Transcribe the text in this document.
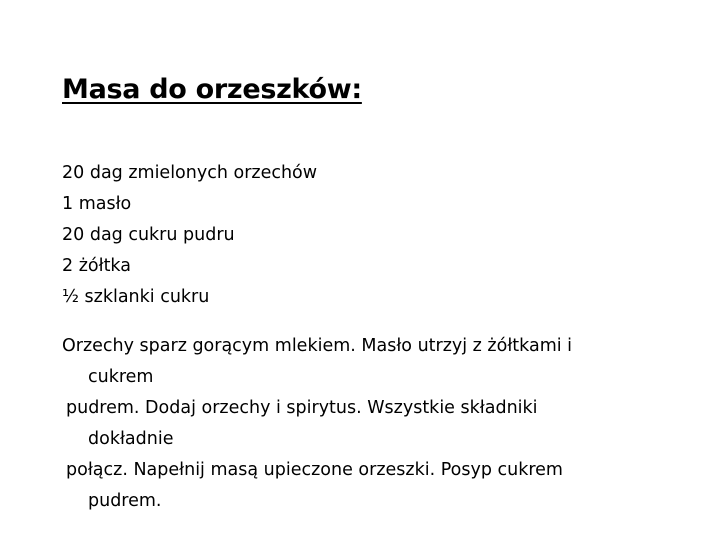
Masa do orzeszków:
20 dag zmielonych orzechów
1 masło
20 dag cukru pudru
2 żółtka
½ szklanki cukru

Orzechy sparz gorącym mlekiem. Masło utrzyj z żółtkami i
cukrem

pudrem. Dodaj orzechy i spirytus. Wszystkie składniki
dokładnie

połącz. Napełnij masą upieczone orzeszki. Posyp cukrem
pudrem.
